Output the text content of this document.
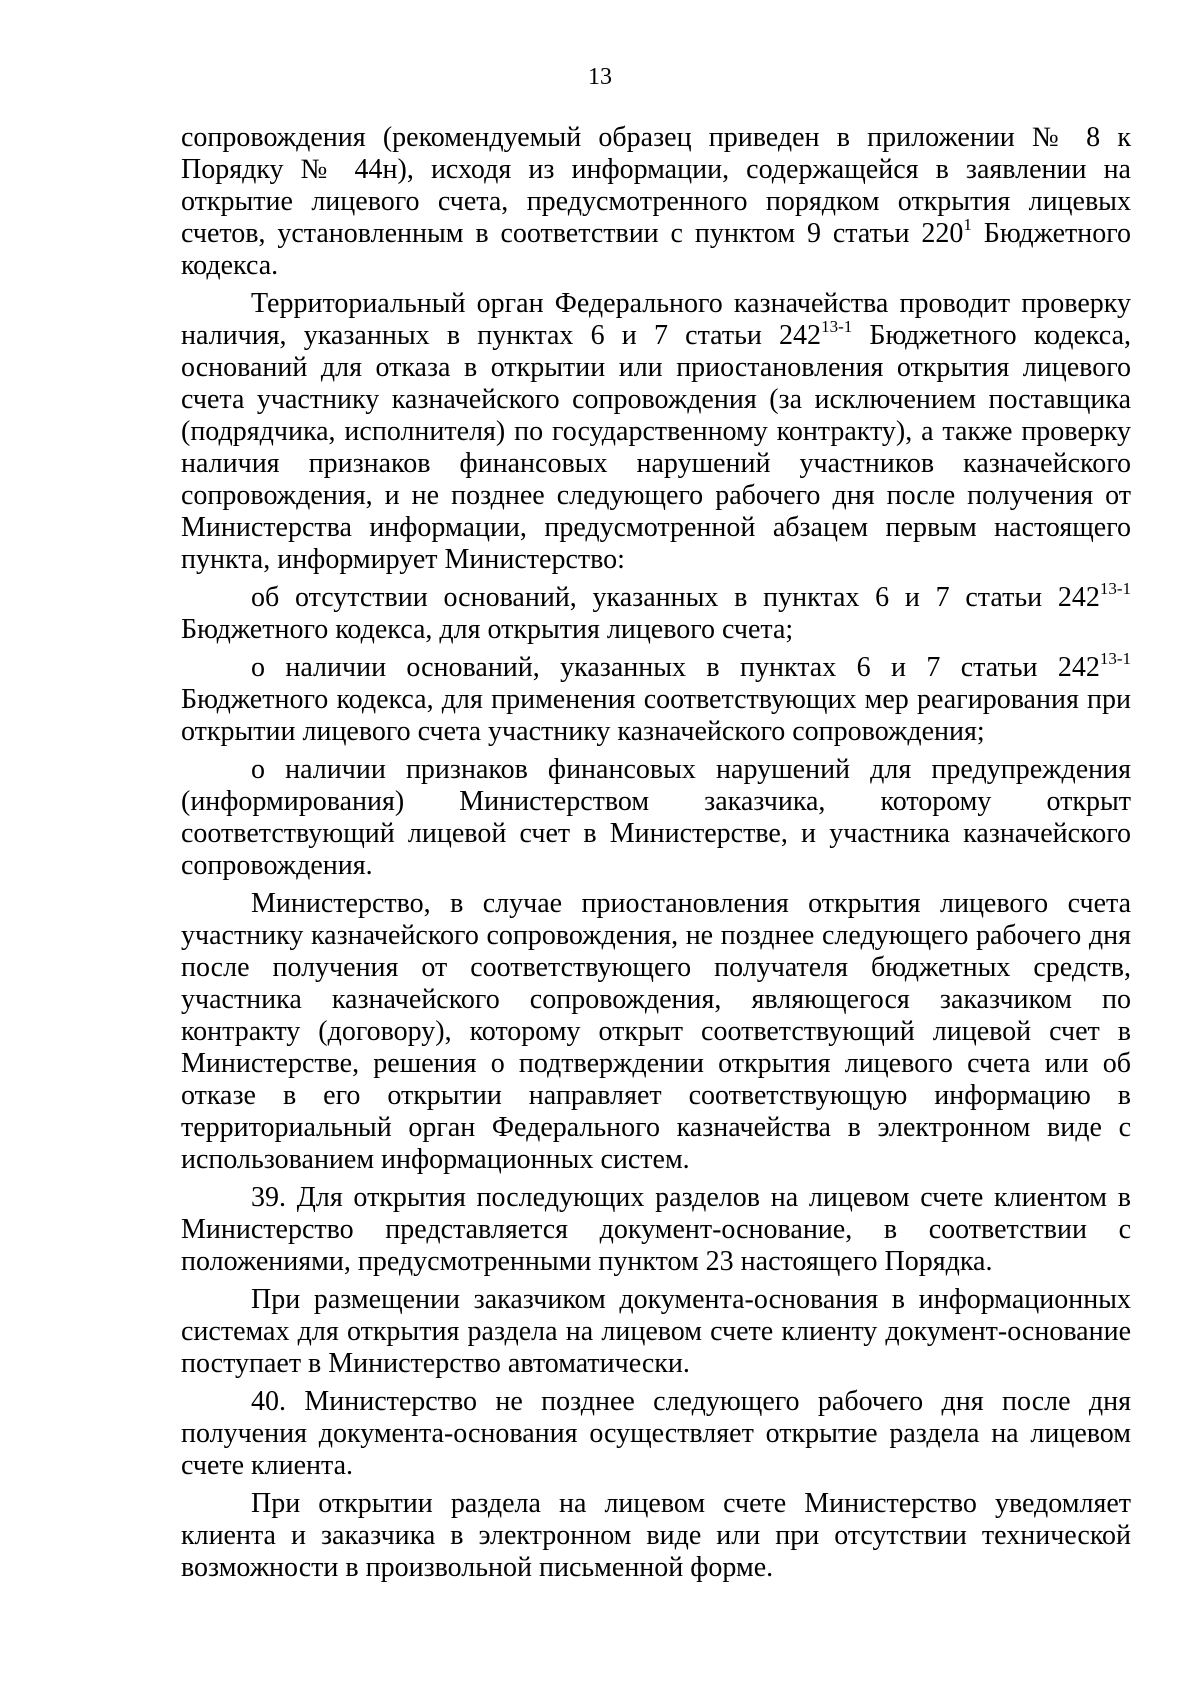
13

сопровождения (рекомендуемый образец приведен в приложении № 8 к Порядку № 44н), исходя из информации, содержащейся в заявлении на открытие лицевого счета, предусмотренного порядком открытия лицевых счетов, установленным в соответствии с пунктом 9 статьи $220^1$ Бюджетного кодекса.

Территориальный орган Федерального казначейства проводит проверку наличия, указанных в пунктах 6 и 7 статьи 242$^{13-1}$ Бюджетного кодекса, оснований для отказа в открытии или приостановления открытия лицевого счета участнику казначейского сопровождения (за исключением поставщика (подрядчика, исполнителя) по государственному контракту), а также проверку наличия признаков финансовых нарушений участников казначейского сопровождения, и не позднее следующего рабочего дня после получения от Министерства информации, предусмотренной абзацем первым настоящего пункта, информирует Министерство:

об отсутствии оснований, указанных в пунктах 6 и 7 статьи 242$^{13-1}$ Бюджетного кодекса, для открытия лицевого счета;

о наличии оснований, указанных в пунктах 6 и 7 статьи 242$^{13-1}$ Бюджетного кодекса, для применения соответствующих мер реагирования при открытии лицевого счета участнику казначейского сопровождения;

о наличии признаков финансовых нарушений для предупреждения (информирования) Министерством заказчика, которому открыт соответствующий лицевой счет в Министерстве, и участника казначейского сопровождения.

Министерство, в случае приостановления открытия лицевого счета участнику казначейского сопровождения, не позднее следующего рабочего дня после получения от соответствующего получателя бюджетных средств, участника казначейского сопровождения, являющегося заказчиком по контракту (договору), которому открыт соответствующий лицевой счет в Министерстве, решения о подтверждении открытия лицевого счета или об отказе в его открытии направляет соответствующую информацию в территориальный орган Федерального казначейства в электронном виде с использованием информационных систем.

39. Для открытия последующих разделов на лицевом счете клиентом в Министерство представляется документ-основание, в соответствии с положениями, предусмотренными пунктом 23 настоящего Порядка.

При размещении заказчиком документа-основания в информационных системах для открытия раздела на лицевом счете клиенту документ-основание поступает в Министерство автоматически.

40. Министерство не позднее следующего рабочего дня после дня получения документа-основания осуществляет открытие раздела на лицевом счете клиента.

При открытии раздела на лицевом счете Министерство уведомляет клиента и заказчика в электронном виде или при отсутствии технической возможности в произвольной письменной форме.
